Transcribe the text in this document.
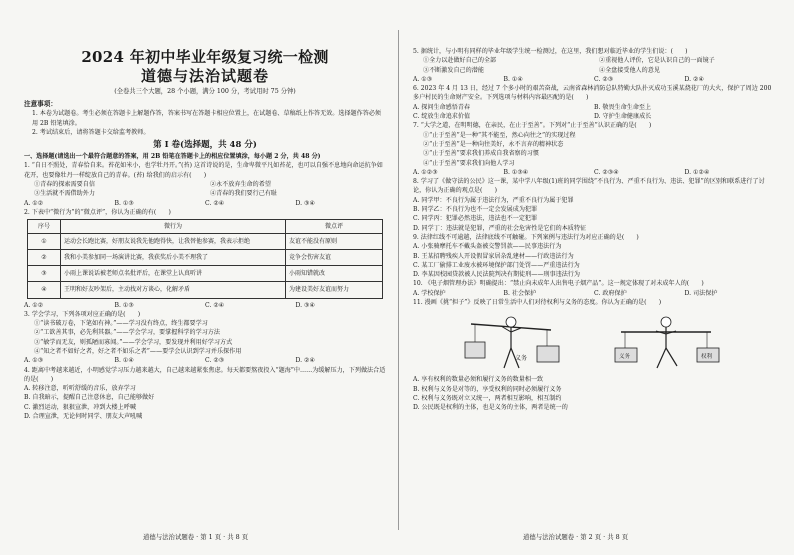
2024 年初中毕业年级复习统一检测
道德与法治试题卷
(全卷共三个大题，28 个小题，满分 100 分，考试用时 75 分钟)
注意事项：
1. 本卷为试题卷。考生必须在答题卡上解题作答，答案书写在答题卡相应位置上，在试题卷、草稿纸上作答无效。选择题作答必须用 2B 铅笔填涂。
2. 考试结束后，请将答题卡交给监考教师。
第 Ⅰ 卷(选择题，共 48 分)
一、选择题(请选出一个最符合题意的答案，用 2B 铅笔在答题卡上的相应位置填涂，每小题 2 分，共 48 分)
1. “自日不照处，青春恰自来。苔花如米小，也学牡丹开。”(苔) 这首诗说的是，生命卑微平凡如苔花，也可以自强不息地向命运抗争如花开，也要像牡丹一样绽放自己的青春。(苔) 给我们的启示有(　　)
①青春的探索需要自信	②永不放弃生命的希望
③生活就不需借助外力	④青春的我们要行己有耻
A. ①②	B. ①③	C. ②④	D. ③④
2. 下表中“微行为”的“微点评”，你认为正确的有(　　)
序号	微行为	微点评
①	运动会长跑比赛，好朋友说我先他跑得快，让我替他参赛，我表示拒绝	友谊不能没有原则
②	我和小美参加同一场演讲比赛，我获奖后小美不理我了	竞争会伤害友谊
③	小雨上课说话被老师点名批评后，在课堂上认真听讲	小雨知错就改
④	王明和好友吵架后，主动找对方谈心，化解矛盾	为建设美好友谊而努力
A. ①②	B. ①③	C. ②④	D. ③④
3. 学会学习，下列各项对应正确的是(　　)
①“读书破万卷，下笔如有神。”——学习没有终点，终生都要学习
②“工欲善其事，必先利其器。”——学会学习，要掌握科学的学习方法
③“敏学而无友，则孤陋而寡闻。”——学会学习，要发现并利用好学习方式
④“知之者不如好之者，好之者不如乐之者”——要学会认识到学习并乐探作用
A. ①③	B. ①④	C. ②③	D. ②④
4. 距离中考越来越近，小明感觉学习压力越来越大，自己越来越紧张焦虑。每天都要熬夜投入“题海”中……为缓解压力，下列做法合适的是(　　)
A. 转移注意，听听舒缓的音乐，放弃学习
B. 自我暗示，提醒自己注意休息，自己能够做好
C. 激烈运动，狠狠宣泄，冲到大楼上呼喊
D. 合理宣泄，无论何时同学、朋友大声吼喊
5. 据统计，与小明有同样的毕业年级学生统一检测过，在这里，我们想对临近毕业的学生们说：(　　)
①全力以赴做好自己的全部	②重视他人评价，它是认识自己的一面镜子
③不断激发自己的潜能	④全盘接受他人的意见
A. ①③	B. ①④	C. ②③	D. ②④
6. 2023 年 4 月 13 日，经过 7 个多小时的艰苦奋战，云南省森林消防总队特勤大队扑灭成功玉溪某烧花厂的大火，保护了周边 200 多户村民的生命财产安全。下列选项与材料内容最匹配的是(　　)
A. 探问生命感悟青春	B. 敬畏生命生命至上
C. 绽放生命追求价值	D. 守护生命健康成长
7. “大学之道，在明明德，在亲民，在止于至善”。下列对“止于至善”认识正确的是(　　)
①“止于至善”是一种“其不能至，然心向往之”的实现过程
②“止于至善”是一种向往美好，永不言弃的精神状态
③“止于至善”要求我们养成自我省察的习惯
④“止于至善”要求我们向他人学习
A. ①②③	B. ①③④	C. ②③④	D. ①②④
8. 学习了《做守法的公民》这一课，某中学八年级(1)班的同学围绕“不良行为、严重不良行为、违法、犯罪”的区别和联系进行了讨论，你认为正确的观点是(　　)
A. 同学甲：不良行为属于违法行为，严重不良行为属于犯罪
B. 同学乙：不良行为也不一定会发展成为犯罪
C. 同学丙：犯罪必然违法，违法也不一定犯罪
D. 同学丁：违法就是犯罪，严重的社会危害性是它们的本质特征
9. 法律红线不可逾越，法律底线不可触碰。下列案例与违法行为对应正确的是(　　)
A. 小张骑摩托车不戴头盔被交警罚款——民事违法行为
B. 王某招聘残疾人开设假冒家居杂乱建材——行政违法行为
C. 某工厂偷排工业废水被环境保护部门处罚——严重违法行为
D. 李某因校园贷款被人民法院判决有期徒刑——刑事违法行为
10. 《电子烟管理办法》明确提出：“禁止向未成年人出售电子烟产品”。这一规定体现了对未成年人的(　　)
A. 学校保护	B. 社会保护	C. 政府保护	D. 司法保护
11. 漫画《挑“担子”》反映了日常生活中人们对待权利与义务的态度。你认为正确的是(　　)
义务	义务	权利
A. 享有权利的数量必须和履行义务的数量相一致
B. 权利与义务是对等的，享受权利的同时必须履行义务
C. 权利与义务既对立又统一，两者相互影响，相互制约
D. 公民既是权利的主体，也是义务的主体，两者是统一的
道德与法治试题卷 · 第 1 页 · 共 8 页	道德与法治试题卷 · 第 2 页 · 共 8 页
